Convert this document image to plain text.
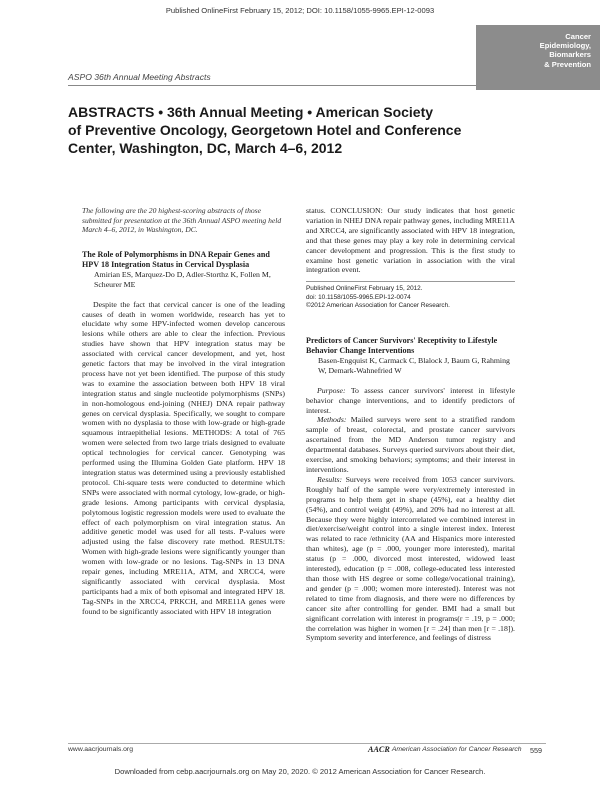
Published OnlineFirst February 15, 2012; DOI: 10.1158/1055-9965.EPI-12-0093
Cancer
Epidemiology,
Biomarkers
& Prevention
ASPO 36th Annual Meeting Abstracts
ABSTRACTS • 36th Annual Meeting • American Society
of Preventive Oncology, Georgetown Hotel and Conference
Center, Washington, DC, March 4–6, 2012

The following are the 20 highest-scoring abstracts of those submitted for presentation at the 36th Annual ASPO meeting held March 4–6, 2012, in Washington, DC.

The Role of Polymorphisms in DNA Repair Genes and HPV 18 Integration Status in Cervical Dysplasia
Amirian ES, Marquez-Do D, Adler-Storthz K, Follen M, Scheurer ME

Despite the fact that cervical cancer is one of the leading causes of death in women worldwide, research has yet to elucidate why some HPV-infected women develop cancerous lesions while others are able to clear the infection. Previous studies have shown that HPV integration status may be associated with cervical cancer development, and yet, host genetic factors that may be involved in the viral integration process have not yet been identified. The purpose of this study was to examine the association between both HPV 18 viral integration status and single nucleotide polymorphisms (SNPs) in non-homologous end-joining (NHEJ) DNA repair pathway genes on cervical dysplasia. Specifically, we sought to compare women with no dysplasia to those with low-grade or high-grade squamous intraepithelial lesions. METHODS: A total of 765 women were selected from two large trials designed to evaluate optical technologies for cervical cancer. Genotyping was performed using the Illumina Golden Gate platform. HPV 18 integration status was determined using a previously established protocol. Chi-square tests were conducted to determine which SNPs were associated with normal cytology, low-grade, or high-grade lesions. Among participants with cervical dysplasia, polytomous logistic regression models were used to evaluate the effect of each polymorphism on viral integration status. An additive genetic model was used for all tests. P-values were adjusted using the false discovery rate method. RESULTS: Women with high-grade lesions were significantly younger than women with low-grade or no lesions. Tag-SNPs in 13 DNA repair genes, including MRE11A, ATM, and XRCC4, were significantly associated with cervical dysplasia. Most participants had a mix of both episomal and integrated HPV 18. Tag-SNPs in the XRCC4, PRKCH, and MRE11A genes were found to be significantly associated with HPV 18 integration

status. CONCLUSION: Our study indicates that host genetic variation in NHEJ DNA repair pathway genes, including MRE11A and XRCC4, are significantly associated with HPV 18 integration, and that these genes may play a key role in determining cervical cancer development and progression. This is the first study to examine host genetic variation in association with the viral integration event.

Published OnlineFirst February 15, 2012.
doi: 10.1158/1055-9965.EPI-12-0074
©2012 American Association for Cancer Research.
Predictors of Cancer Survivors' Receptivity to Lifestyle Behavior Change Interventions
Basen-Engquist K, Carmack C, Blalock J, Baum G, Rahming W, Demark-Wahnefried W

Purpose: To assess cancer survivors' interest in lifestyle behavior change interventions, and to identify predictors of interest.

Methods: Mailed surveys were sent to a stratified random sample of breast, colorectal, and prostate cancer survivors ascertained from the MD Anderson tumor registry and departmental databases. Surveys queried survivors about their diet, exercise, and smoking behaviors; symptoms; and their interest in interventions.

Results: Surveys were received from 1053 cancer survivors. Roughly half of the sample were very/extremely interested in programs to help them get in shape (45%), eat a healthy diet (54%), and control weight (49%), and 20% had no interest at all. Because they were highly intercorrelated we combined interest in diet/exercise/weight control into a single interest index. Interest was related to race /ethnicity (AA and Hispanics more interested than whites), age (p = .000, younger more interested), marital status (p = .000, divorced most interested, widowed least interested), education (p = .008, college-educated less interested than those with HS degree or some college/vocational training), and gender (p = .000; women more interested). Interest was not related to time from diagnosis, and there were no differences by cancer site after controlling for gender. BMI had a small but significant correlation with interest in programs(r = .19, p = .000; the correlation was higher in women [r = .24] than men [r = .18]). Symptom severity and interference, and feelings of distress

www.aacrjournals.org	AACR American Association for Cancer Research 559
Downloaded from cebp.aacrjournals.org on May 20, 2020. © 2012 American Association for Cancer Research.
